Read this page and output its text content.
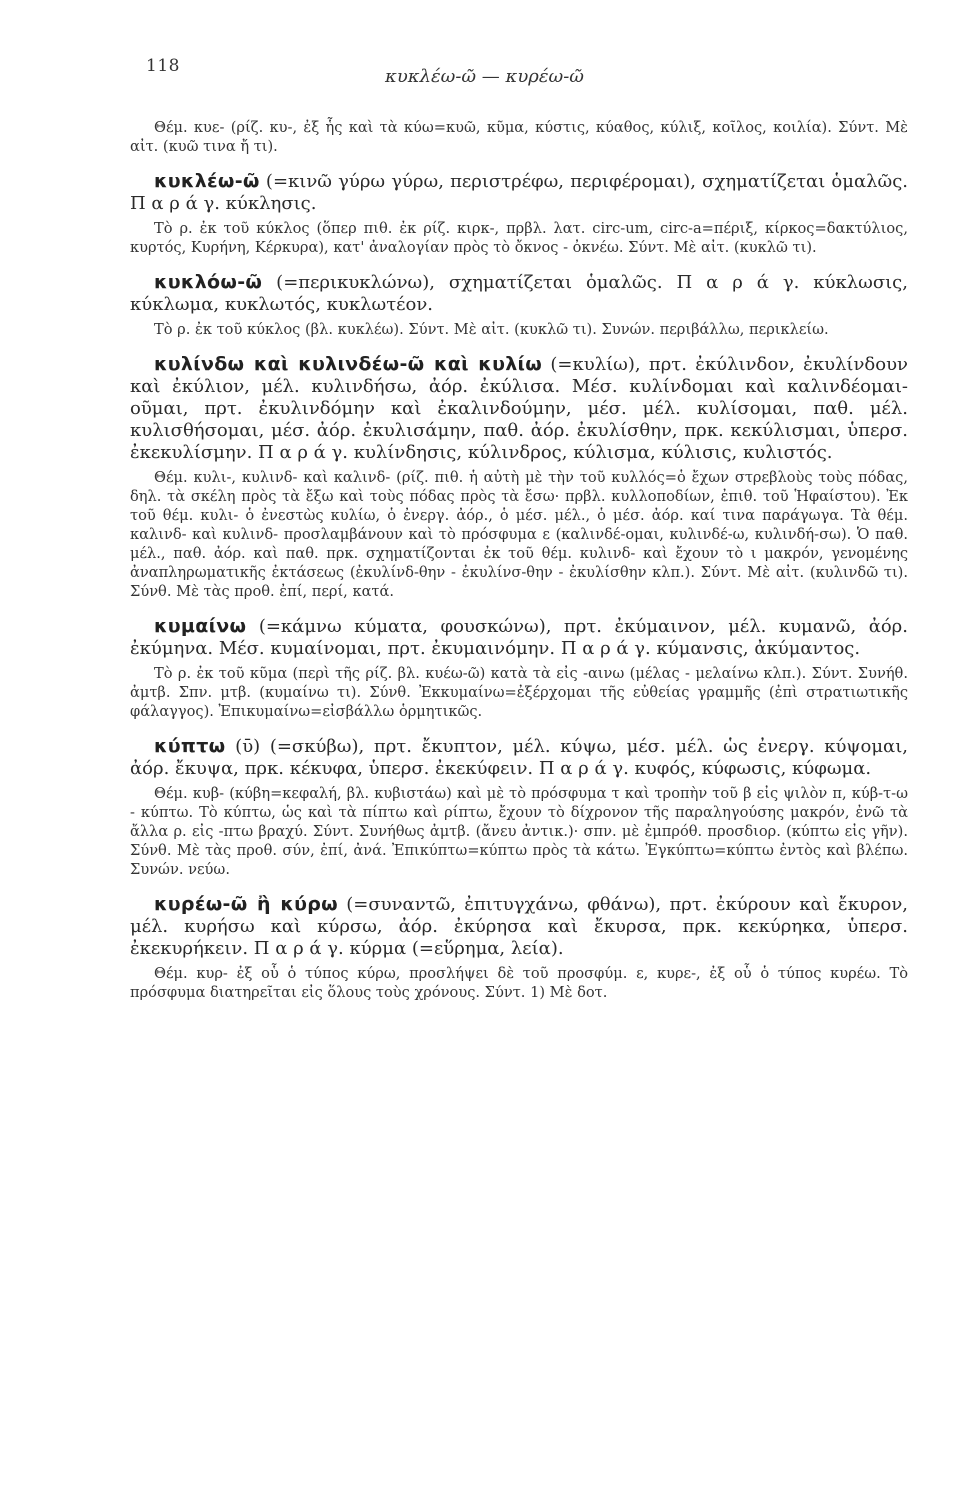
118	κυκλέω-ῶ — κυρέω-ῶ

Θέμ. κυε- (ρίζ. κυ-, ἐξ ἧς καὶ τὰ κύω=κυῶ, κῦμα, κύστις, κύαθος, κύλιξ, κοῖλος, κοιλία). Σύντ. Μὲ αἰτ. (κυῶ τινα ἤ τι).

κυκλέω-ῶ (=κινῶ γύρω γύρω, περιστρέφω, περιφέρομαι), σχηματίζεται ὁμαλῶς. Π α ρ ά γ. κύκλησις.

Τὸ ρ. ἐκ τοῦ κύκλος (ὅπερ πιθ. ἐκ ρίζ. κιρκ-, πρβλ. λατ. circ-um, circ-a=πέριξ, κίρκος=δακτύλιος, κυρτός, Κυρήνη, Κέρκυρα), κατ' ἀναλογίαν πρὸς τὸ ὄκνος - ὀκνέω. Σύντ. Μὲ αἰτ. (κυκλῶ τι).

κυκλόω-ῶ (=περικυκλώνω), σχηματίζεται ὁμαλῶς. Π α ρ ά γ. κύκλωσις, κύκλωμα, κυκλωτός, κυκλωτέον.

Τὸ ρ. ἐκ τοῦ κύκλος (βλ. κυκλέω). Σύντ. Μὲ αἰτ. (κυκλῶ τι). Συνών. περιβάλλω, περικλείω.

κυλίνδω καὶ κυλινδέω-ῶ καὶ κυλίω (=κυλίω), πρτ. ἐκύλινδον, ἐκυλίνδουν καὶ ἐκύλιον, μέλ. κυλινδήσω, ἀόρ. ἐκύλισα. Μέσ. κυλίνδομαι καὶ καλινδέομαι-οῦμαι, πρτ. ἐκυλινδόμην καὶ ἐκαλινδούμην, μέσ. μέλ. κυλίσομαι, παθ. μέλ. κυλισθήσομαι, μέσ. ἀόρ. ἐκυλισάμην, παθ. ἀόρ. ἐκυλίσθην, πρκ. κεκύλισμαι, ὑπερσ. ἐκεκυλίσμην. Π α ρ ά γ. κυλίνδησις, κύλινδρος, κύλισμα, κύλισις, κυλιστός.

Θέμ. κυλι-, κυλινδ- καὶ καλινδ- (ρίζ. πιθ. ἡ αὐτὴ μὲ τὴν τοῦ κυλλός=ὁ ἔχων στρεβλοὺς τοὺς πόδας, δηλ. τὰ σκέλη πρὸς τὰ ἔξω καὶ τοὺς πόδας πρὸς τὰ ἔσω· πρβλ. κυλλοποδίων, ἐπιθ. τοῦ Ἡφαίστου). Ἐκ τοῦ θέμ. κυλι- ὁ ἐνεστὼς κυλίω, ὁ ἐνεργ. ἀόρ., ὁ μέσ. μέλ., ὁ μέσ. ἀόρ. καί τινα παράγωγα. Τὰ θέμ. καλινδ- καὶ κυλινδ- προσλαμβάνουν καὶ τὸ πρόσφυμα ε (καλινδέ-ομαι, κυλινδέ-ω, κυλινδή-σω). Ὁ παθ. μέλ., παθ. ἀόρ. καὶ παθ. πρκ. σχηματίζονται ἐκ τοῦ θέμ. κυλινδ- καὶ ἔχουν τὸ ι μακρόν, γενομένης ἀναπληρωματικῆς ἐκτάσεως (ἐκυλίνδ-θην - ἐκυλίνσ-θην - ἐκυλίσθην κλπ.). Σύντ. Μὲ αἰτ. (κυλινδῶ τι). Σύνθ. Μὲ τὰς προθ. ἐπί, περί, κατά.

κυμαίνω (=κάμνω κύματα, φουσκώνω), πρτ. ἐκύμαινον, μέλ. κυμανῶ, ἀόρ. ἐκύμηνα. Μέσ. κυμαίνομαι, πρτ. ἐκυμαινόμην. Π α ρ ά γ. κύμανσις, ἀκύμαντος.

Τὸ ρ. ἐκ τοῦ κῦμα (περὶ τῆς ρίζ. βλ. κυέω-ῶ) κατὰ τὰ εἰς -αινω (μέλας - μελαίνω κλπ.). Σύντ. Συνήθ. ἀμτβ. Σπν. μτβ. (κυμαίνω τι). Σύνθ. Ἐκκυμαίνω=ἐξέρχομαι τῆς εὐθείας γραμμῆς (ἐπὶ στρατιωτικῆς φάλαγγος). Ἐπικυμαίνω=εἰσβάλλω ὁρμητικῶς.

κύπτω (ῡ) (=σκύβω), πρτ. ἔκυπτον, μέλ. κύψω, μέσ. μέλ. ὡς ἐνεργ. κύψομαι, ἀόρ. ἔκυψα, πρκ. κέκυφα, ὑπερσ. ἐκεκύφειν. Π α ρ ά γ. κυφός, κύφωσις, κύφωμα.

Θέμ. κυβ- (κύβη=κεφαλή, βλ. κυβιστάω) καὶ μὲ τὸ πρόσφυμα τ καὶ τροπὴν τοῦ β εἰς ψιλὸν π, κύβ-τ-ω - κύπτω. Τὸ κύπτω, ὡς καὶ τὰ πίπτω καὶ ρίπτω, ἔχουν τὸ δίχρονον τῆς παραληγούσης μακρόν, ἐνῶ τὰ ἄλλα ρ. εἰς -πτω βραχύ. Σύντ. Συνήθως ἀμτβ. (ἄνευ ἀντικ.)· σπν. μὲ ἐμπρόθ. προσδιορ. (κύπτω εἰς γῆν). Σύνθ. Μὲ τὰς προθ. σύν, ἐπί, ἀνά. Ἐπικύπτω=κύπτω πρὸς τὰ κάτω. Ἐγκύπτω=κύπτω ἐντὸς καὶ βλέπω. Συνών. νεύω.

κυρέω-ῶ ἢ κύρω (=συναντῶ, ἐπιτυγχάνω, φθάνω), πρτ. ἐκύρουν καὶ ἔκυρον, μέλ. κυρήσω καὶ κύρσω, ἀόρ. ἐκύρησα καὶ ἔκυρσα, πρκ. κεκύρηκα, ὑπερσ. ἐκεκυρήκειν. Π α ρ ά γ. κύρμα (=εὕρημα, λεία).

Θέμ. κυρ- ἐξ οὗ ὁ τύπος κύρω, προσλήψει δὲ τοῦ προσφύμ. ε, κυρε-, ἐξ οὗ ὁ τύπος κυρέω. Τὸ πρόσφυμα διατηρεῖται εἰς ὅλους τοὺς χρόνους. Σύντ. 1) Μὲ δοτ.
